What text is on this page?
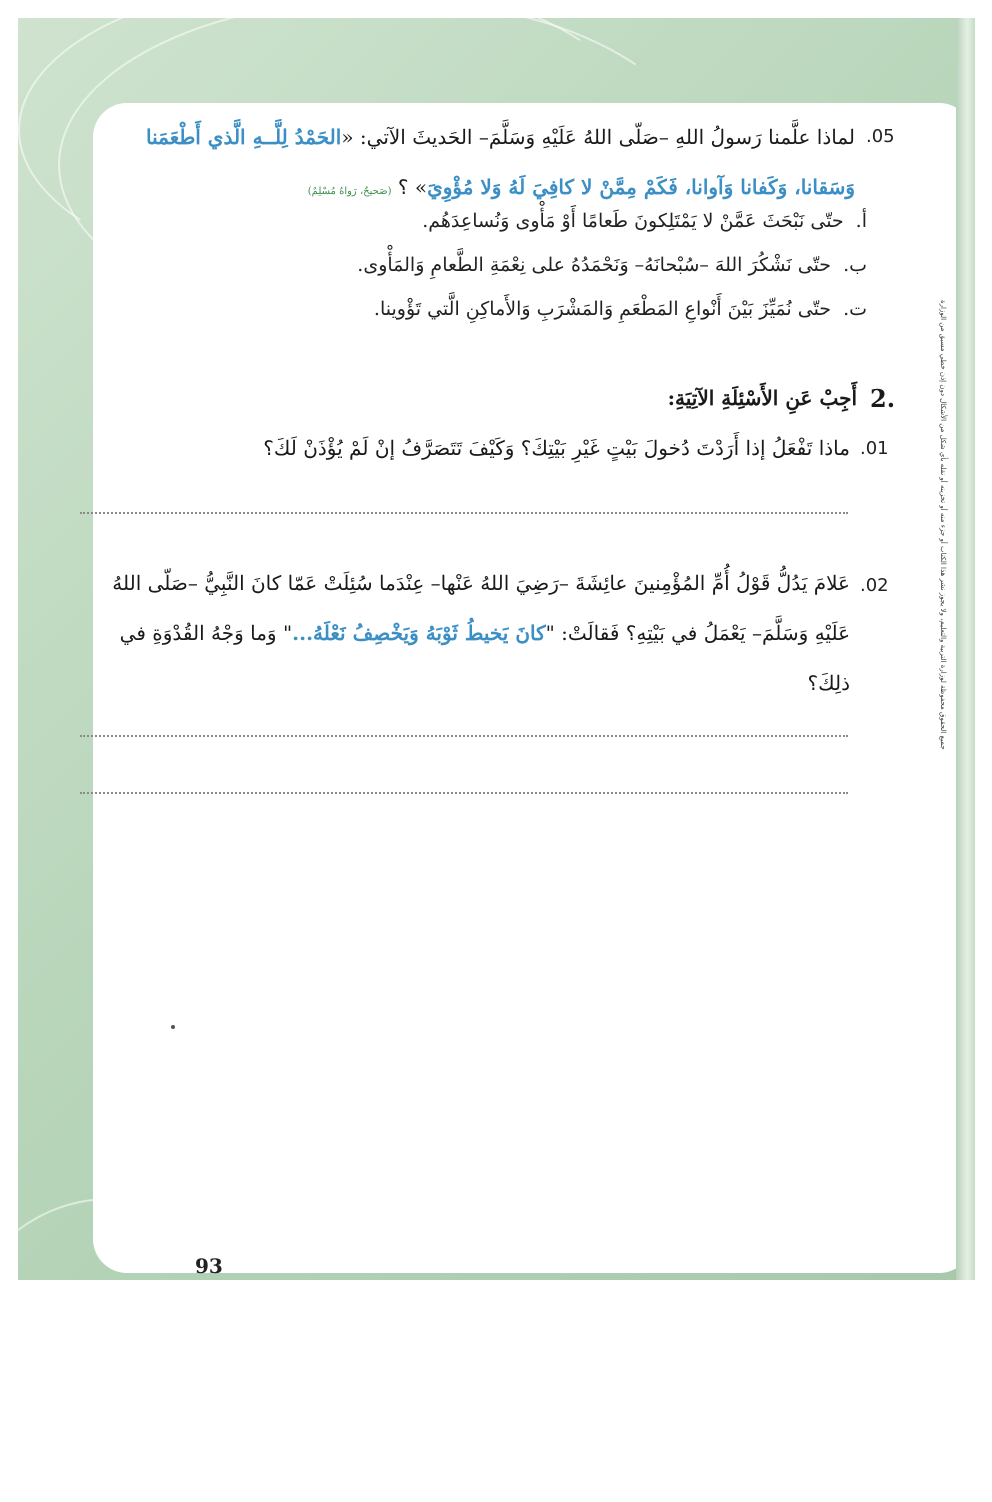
جميع الحقوق محفوظة لوزارة التربية والتعليم، ولا يجوز نشر هذا الكتاب أو جزء منه أو تخزينه أو نقله بأي شكل من الأشكال دون إذن خطي مسبق من الوزارة
.05
لماذا علَّمنا رَسولُ اللهِ –صَلّى اللهُ عَلَيْهِ وَسَلَّمَ– الحَديثَ الآتي: «الحَمْدُ لِلَّــهِ الَّذي أَطْعَمَنا وَسَقانا، وَكَفانا وَآوانا، فَكَمْ مِمَّنْ لا كافِيَ لَهُ وَلا مُؤْوِيَ» ؟ (صَحيحٌ، رَواهُ مُسْلِمٌ)
أ.حتّى نَبْحَثَ عَمَّنْ لا يَمْتَلِكونَ طَعامًا أَوْ مَأْوى وَنُساعِدَهُم.
ب.حتّى نَشْكُرَ اللهَ –سُبْحانَهُ– وَنَحْمَدُهُ على نِعْمَةِ الطَّعامِ وَالمَأْوى.
ت.حتّى نُمَيِّزَ بَيْنَ أَنْواعِ المَطْعَمِ وَالمَشْرَبِ وَالأَماكِنِ الَّتي تَؤْوينا.
2.
أَجِبْ عَنِ الأَسْئِلَةِ الآتِيَةِ:
.01
ماذا تَفْعَلُ إذا أَرَدْتَ دُخولَ بَيْتٍ غَيْرِ بَيْتِكَ؟ وَكَيْفَ تَتَصَرَّفُ إنْ لَمْ يُؤْذَنْ لَكَ؟
.02
عَلامَ يَدُلُّ قَوْلُ أُمِّ المُؤْمِنينَ عائِشَةَ –رَضِيَ اللهُ عَنْها– عِنْدَما سُئِلَتْ عَمّا كانَ النَّبِيُّ –صَلّى اللهُ عَلَيْهِ وَسَلَّمَ– يَعْمَلُ في بَيْتِهِ؟ فَقالَتْ: "كانَ يَخيطُ ثَوْبَهُ وَيَخْصِفُ نَعْلَهُ..." وَما وَجْهُ القُدْوَةِ في ذلِكَ؟
93
